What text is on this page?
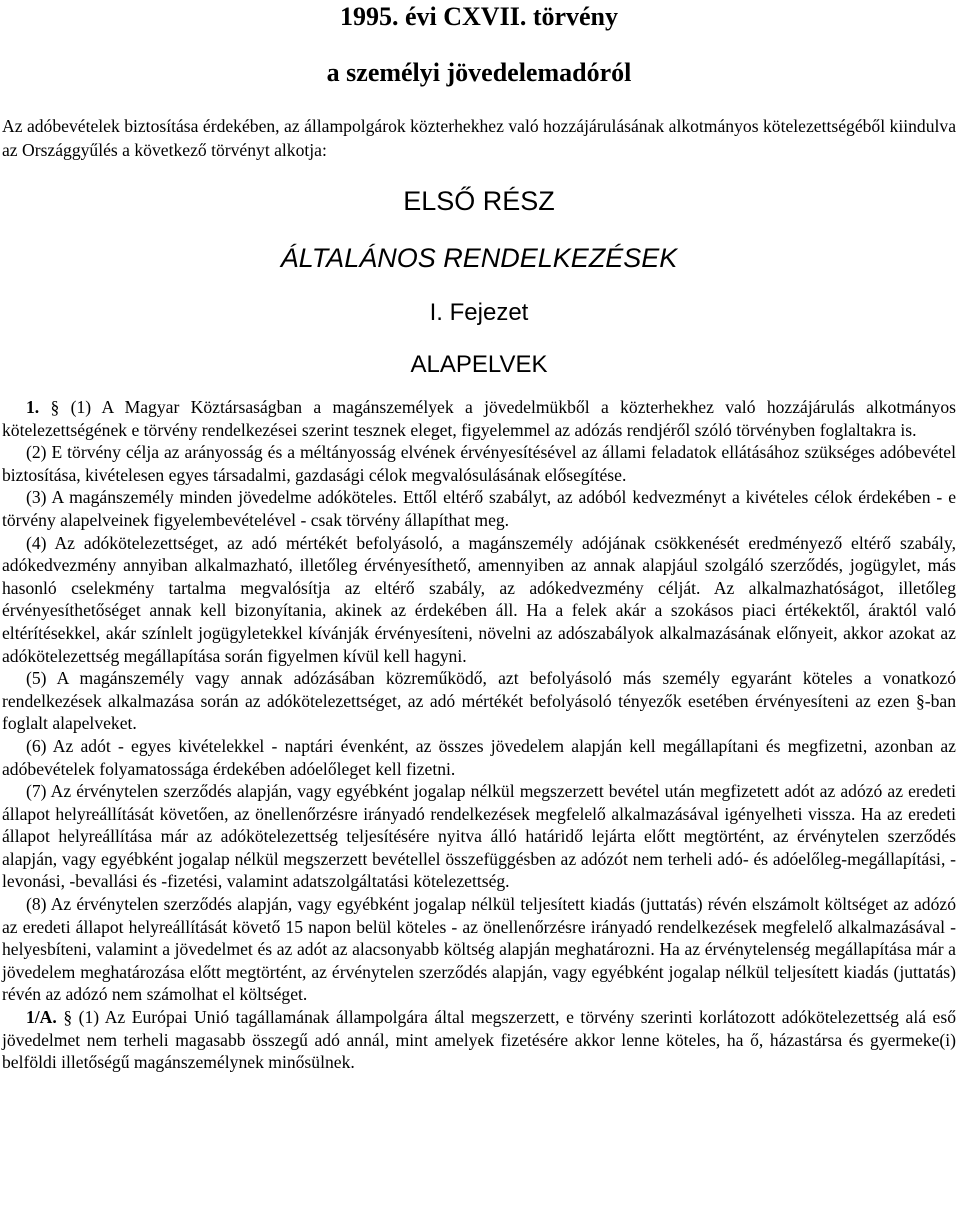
1995. évi CXVII. törvény
a személyi jövedelemadóról

Az adóbevételek biztosítása érdekében, az állampolgárok közterhekhez való hozzájárulásának alkotmányos kötelezettségéből kiindulva az Országgyűlés a következő törvényt alkotja:

ELSŐ RÉSZ
ÁLTALÁNOS RENDELKEZÉSEK
I. Fejezet
ALAPELVEK

1. § (1) A Magyar Köztársaságban a magánszemélyek a jövedelmükből a közterhekhez való hozzájárulás alkotmányos kötelezettségének e törvény rendelkezései szerint tesznek eleget, figyelemmel az adózás rendjéről szóló törvényben foglaltakra is.

(2) E törvény célja az arányosság és a méltányosság elvének érvényesítésével az állami feladatok ellátásához szükséges adóbevétel biztosítása, kivételesen egyes társadalmi, gazdasági célok megvalósulásának elősegítése.

(3) A magánszemély minden jövedelme adóköteles. Ettől eltérő szabályt, az adóból kedvezményt a kivételes célok érdekében - e törvény alapelveinek figyelembevételével - csak törvény állapíthat meg.

(4) Az adókötelezettséget, az adó mértékét befolyásoló, a magánszemély adójának csökkenését eredményező eltérő szabály, adókedvezmény annyiban alkalmazható, illetőleg érvényesíthető, amennyiben az annak alapjául szolgáló szerződés, jogügylet, más hasonló cselekmény tartalma megvalósítja az eltérő szabály, az adókedvezmény célját. Az alkalmazhatóságot, illetőleg érvényesíthetőséget annak kell bizonyítania, akinek az érdekében áll. Ha a felek akár a szokásos piaci értékektől, áraktól való eltérítésekkel, akár színlelt jogügyletekkel kívánják érvényesíteni, növelni az adószabályok alkalmazásának előnyeit, akkor azokat az adókötelezettség megállapítása során figyelmen kívül kell hagyni.

(5) A magánszemély vagy annak adózásában közreműködő, azt befolyásoló más személy egyaránt köteles a vonatkozó rendelkezések alkalmazása során az adókötelezettséget, az adó mértékét befolyásoló tényezők esetében érvényesíteni az ezen §-ban foglalt alapelveket.

(6) Az adót - egyes kivételekkel - naptári évenként, az összes jövedelem alapján kell megállapítani és megfizetni, azonban az adóbevételek folyamatossága érdekében adóelőleget kell fizetni.

(7) Az érvénytelen szerződés alapján, vagy egyébként jogalap nélkül megszerzett bevétel után megfizetett adót az adózó az eredeti állapot helyreállítását követően, az önellenőrzésre irányadó rendelkezések megfelelő alkalmazásával igényelheti vissza. Ha az eredeti állapot helyreállítása már az adókötelezettség teljesítésére nyitva álló határidő lejárta előtt megtörtént, az érvénytelen szerződés alapján, vagy egyébként jogalap nélkül megszerzett bevétellel összefüggésben az adózót nem terheli adó- és adóelőleg-megállapítási, -levonási, -bevallási és -fizetési, valamint adatszolgáltatási kötelezettség.

(8) Az érvénytelen szerződés alapján, vagy egyébként jogalap nélkül teljesített kiadás (juttatás) révén elszámolt költséget az adózó az eredeti állapot helyreállítását követő 15 napon belül köteles - az önellenőrzésre irányadó rendelkezések megfelelő alkalmazásával - helyesbíteni, valamint a jövedelmet és az adót az alacsonyabb költség alapján meghatározni. Ha az érvénytelenség megállapítása már a jövedelem meghatározása előtt megtörtént, az érvénytelen szerződés alapján, vagy egyébként jogalap nélkül teljesített kiadás (juttatás) révén az adózó nem számolhat el költséget.

1/A. § (1) Az Európai Unió tagállamának állampolgára által megszerzett, e törvény szerinti korlátozott adókötelezettség alá eső jövedelmet nem terheli magasabb összegű adó annál, mint amelyek fizetésére akkor lenne köteles, ha ő, házastársa és gyermeke(i) belföldi illetőségű magánszemélynek minősülnek.
